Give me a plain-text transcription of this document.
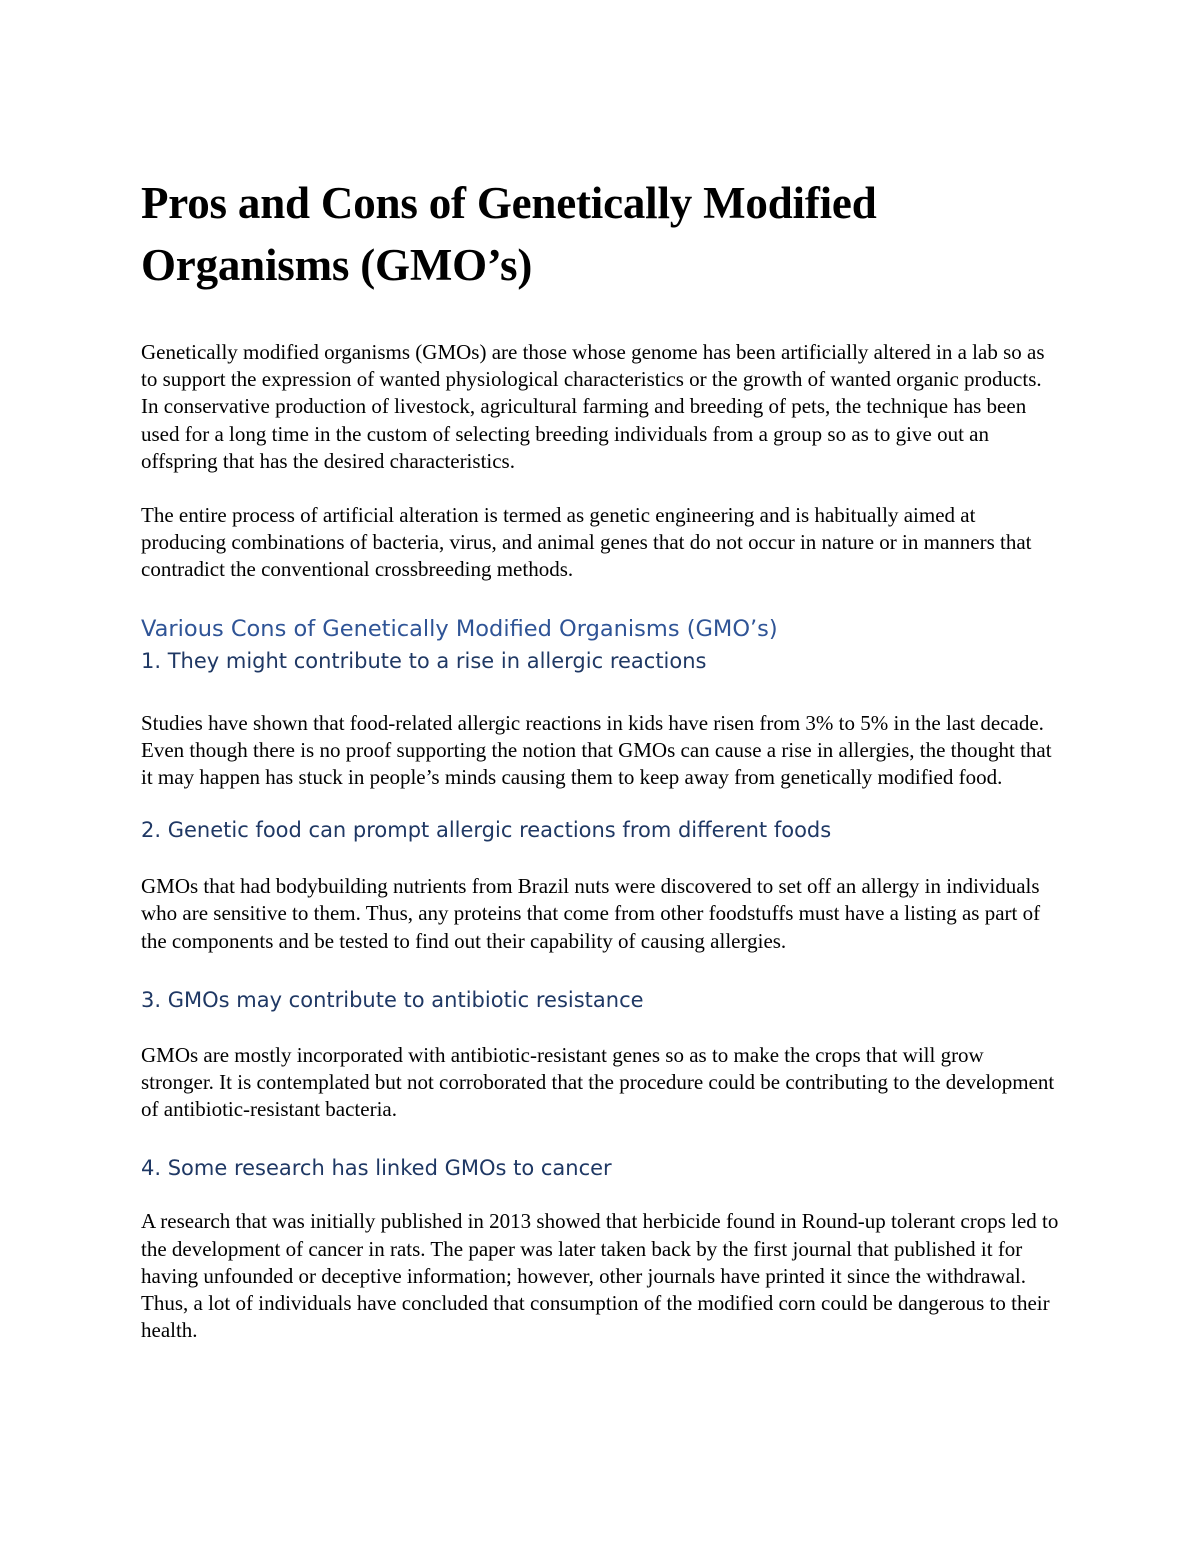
Pros and Cons of Genetically Modified Organisms (GMO’s)

Genetically modified organisms (GMOs) are those whose genome has been artificially altered in a lab so as to support the expression of wanted physiological characteristics or the growth of wanted organic products. In conservative production of livestock, agricultural farming and breeding of pets, the technique has been used for a long time in the custom of selecting breeding individuals from a group so as to give out an offspring that has the desired characteristics.

The entire process of artificial alteration is termed as genetic engineering and is habitually aimed at producing combinations of bacteria, virus, and animal genes that do not occur in nature or in manners that contradict the conventional crossbreeding methods.

Various Cons of Genetically Modified Organisms (GMO’s)
1. They might contribute to a rise in allergic reactions

Studies have shown that food-related allergic reactions in kids have risen from 3% to 5% in the last decade. Even though there is no proof supporting the notion that GMOs can cause a rise in allergies, the thought that it may happen has stuck in people’s minds causing them to keep away from genetically modified food.

2. Genetic food can prompt allergic reactions from different foods

GMOs that had bodybuilding nutrients from Brazil nuts were discovered to set off an allergy in individuals who are sensitive to them. Thus, any proteins that come from other foodstuffs must have a listing as part of the components and be tested to find out their capability of causing allergies.

3. GMOs may contribute to antibiotic resistance

GMOs are mostly incorporated with antibiotic-resistant genes so as to make the crops that will grow stronger. It is contemplated but not corroborated that the procedure could be contributing to the development of antibiotic-resistant bacteria.

4. Some research has linked GMOs to cancer

A research that was initially published in 2013 showed that herbicide found in Round-up tolerant crops led to the development of cancer in rats. The paper was later taken back by the first journal that published it for having unfounded or deceptive information; however, other journals have printed it since the withdrawal. Thus, a lot of individuals have concluded that consumption of the modified corn could be dangerous to their health.
